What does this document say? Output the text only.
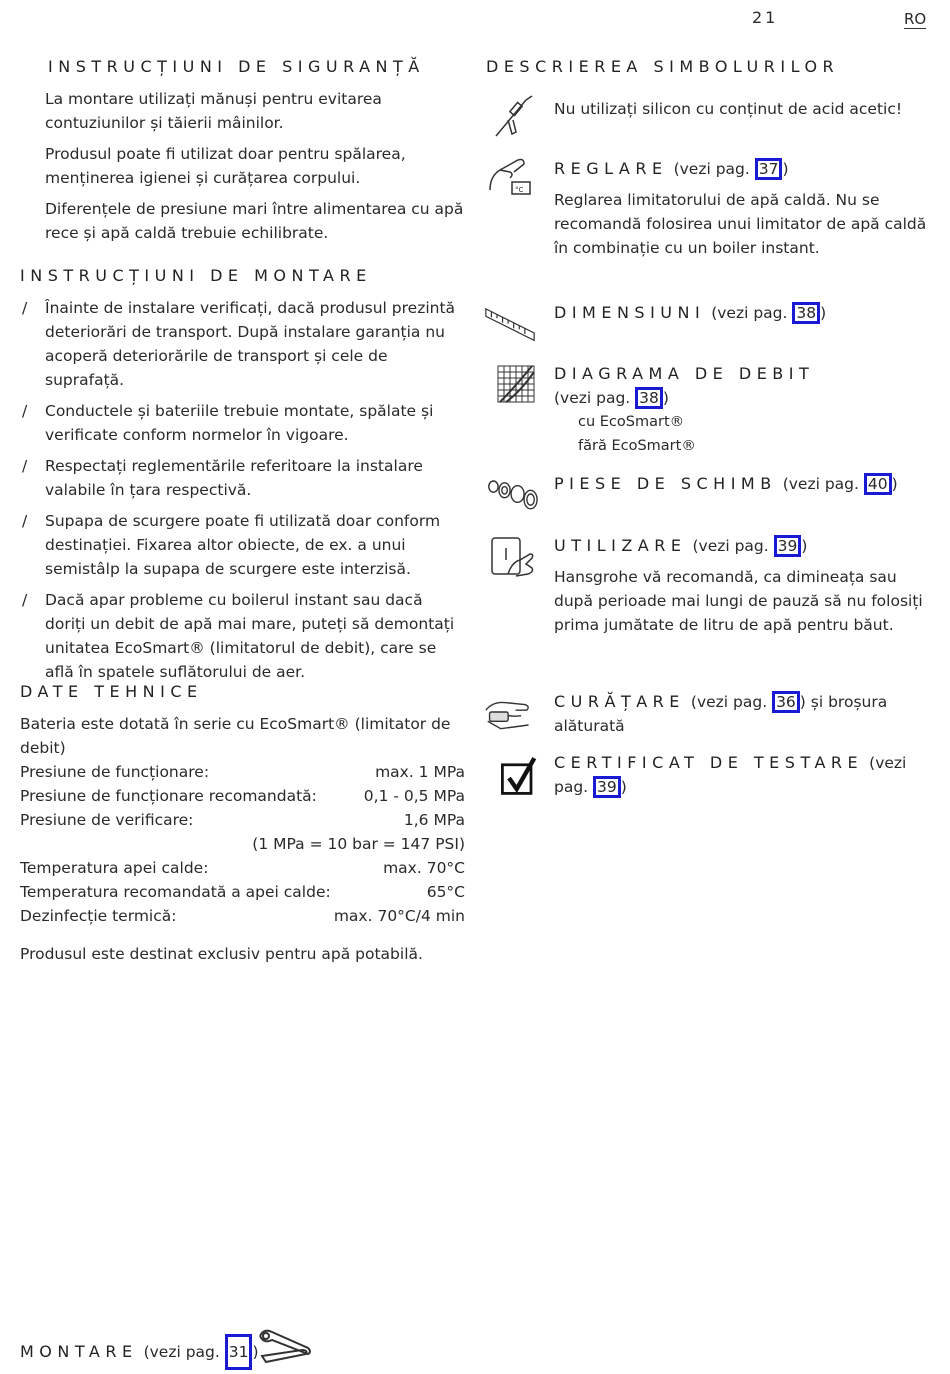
21	RO
INSTRUCȚIUNI DE SIGURANȚĂ

La montare utilizați mănuși pentru evitarea contuziunilor și tăierii mâinilor.

Produsul poate fi utilizat doar pentru spălarea, menținerea igienei și curățarea corpului.

Diferențele de presiune mari între alimentarea cu apă rece și apă caldă trebuie echilibrate.

INSTRUCȚIUNI DE MONTARE
/ Înainte de instalare verificați, dacă produsul prezintă deteriorări de transport. După instalare garanția nu acoperă deteriorările de transport și cele de suprafață.
/ Conductele și bateriile trebuie montate, spălate și verificate conform normelor în vigoare.
/ Respectați reglementările referitoare la instalare valabile în țara respectivă.
/ Supapa de scurgere poate fi utilizată doar conform destinației. Fixarea altor obiecte, de ex. a unui semistâlp la supapa de scurgere este interzisă.
/ Dacă apar probleme cu boilerul instant sau dacă doriți un debit de apă mai mare, puteți să demontați unitatea EcoSmart® (limitatorul de debit), care se află în spatele suflătorului de aer.
DATE TEHNICE

Bateria este dotată în serie cu EcoSmart® (limitator de debit)

Presiune de funcționare:	max. 1 MPa
Presiune de funcționare recomandată:	0,1 - 0,5 MPa
Presiune de verificare:	1,6 MPa
(1 MPa = 10 bar = 147 PSI)
Temperatura apei calde:	max. 70°C
Temperatura recomandată a apei calde:	65°C
Dezinfecție termică:	max. 70°C/4 min

Produsul este destinat exclusiv pentru apă potabilă.

DESCRIEREA SIMBOLURILOR
Nu utilizați silicon cu conținut de acid acetic!
°C
REGLARE (vezi pag. 37 )
Reglarea limitatorului de apă caldă. Nu se recomandă folosirea unui limitator de apă caldă în combinație cu un boiler instant.
DIMENSIUNI (vezi pag. 38 )
DIAGRAMA DE DEBIT
(vezi pag. 38 )
cu EcoSmart®
fără EcoSmart®
PIESE DE SCHIMB (vezi pag. 40 )
UTILIZARE (vezi pag. 39 )
Hansgrohe vă recomandă, ca dimineața sau după perioade mai lungi de pauză să nu folosiți prima jumătate de litru de apă pentru băut.
CURĂȚARE (vezi pag. 36 ) și broșura alăturată
CERTIFICAT DE TESTARE (vezi pag. 39 )
MONTARE (vezi pag. 31 )
